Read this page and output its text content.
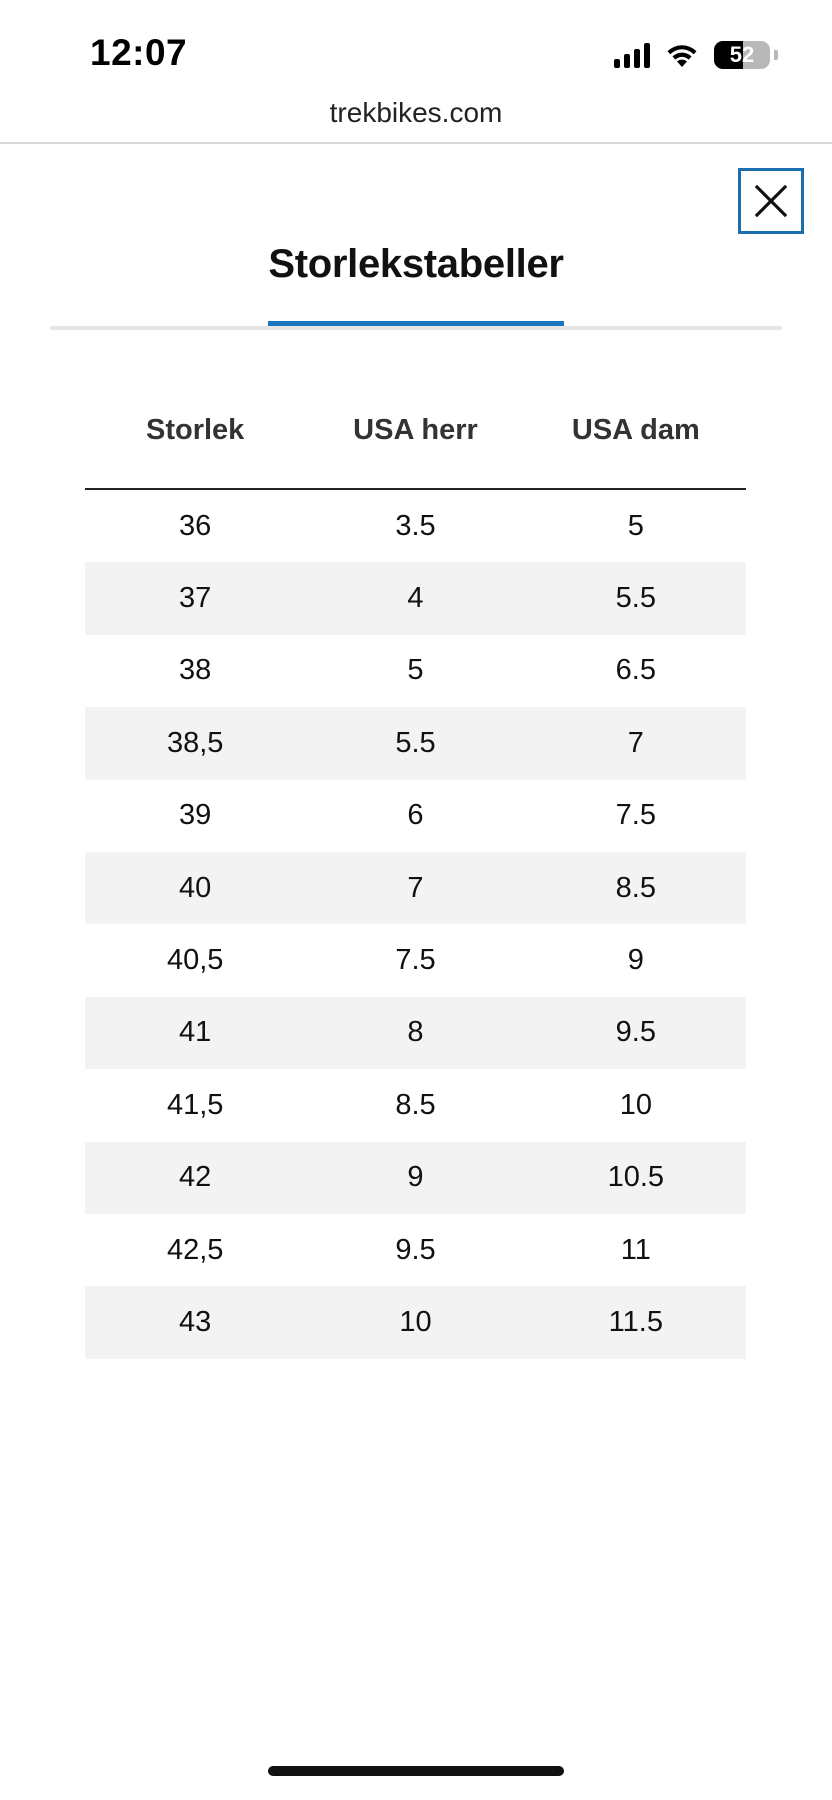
12:07	52
trekbikes.com
Storlekstabeller
Storlek	USA herr	USA dam
36	3.5	5
37	4	5.5
38	5	6.5
38,5	5.5	7
39	6	7.5
40	7	8.5
40,5	7.5	9
41	8	9.5
41,5	8.5	10
42	9	10.5
42,5	9.5	11
43	10	11.5
